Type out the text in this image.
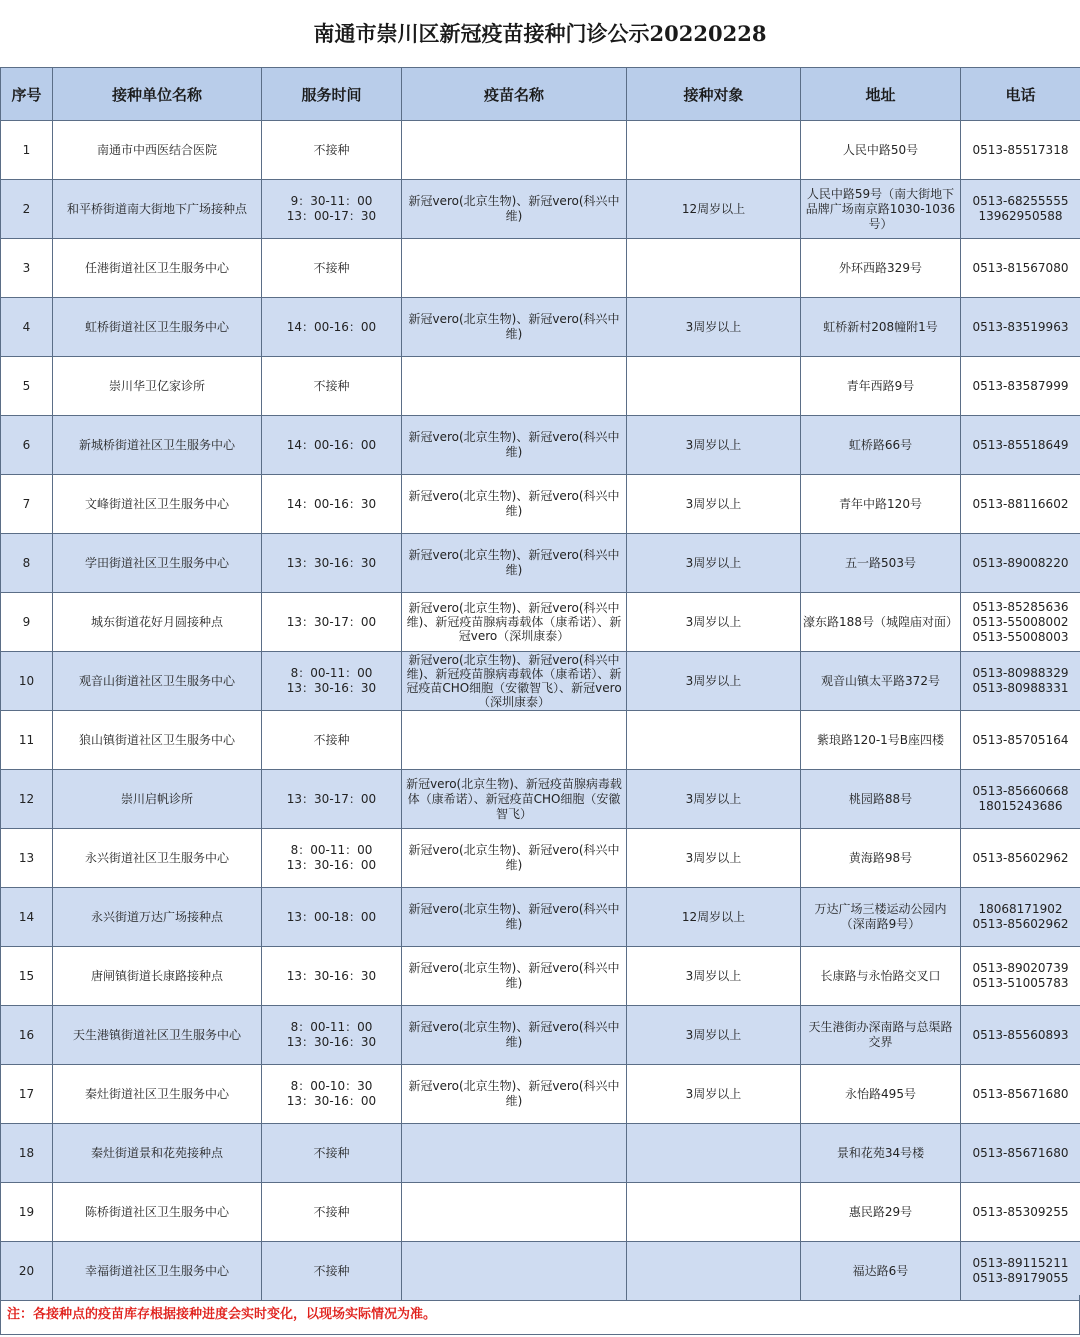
南通市崇川区新冠疫苗接种门诊公示20220228
序号	接种单位名称	服务时间	疫苗名称	接种对象	地址	电话

1	南通市中西医结合医院	不接种			人民中路50号	0513-85517318

2	和平桥街道南大街地下广场接种点	9：30-11：00
13：00-17：30	新冠vero(北京生物)、新冠vero(科兴中维)	12周岁以上	人民中路59号（南大街地下品牌广场南京路1030-1036号）	0513-68255555
13962950588

3	任港街道社区卫生服务中心	不接种			外环西路329号	0513-81567080

4	虹桥街道社区卫生服务中心	14：00-16：00	新冠vero(北京生物)、新冠vero(科兴中维)	3周岁以上	虹桥新村208幢附1号	0513-83519963

5	崇川华卫亿家诊所	不接种			青年西路9号	0513-83587999

6	新城桥街道社区卫生服务中心	14：00-16：00	新冠vero(北京生物)、新冠vero(科兴中维)	3周岁以上	虹桥路66号	0513-85518649

7	文峰街道社区卫生服务中心	14：00-16：30	新冠vero(北京生物)、新冠vero(科兴中维)	3周岁以上	青年中路120号	0513-88116602

8	学田街道社区卫生服务中心	13：30-16：30	新冠vero(北京生物)、新冠vero(科兴中维)	3周岁以上	五一路503号	0513-89008220

9	城东街道花好月圆接种点	13：30-17：00	新冠vero(北京生物)、新冠vero(科兴中维)、新冠疫苗腺病毒载体（康希诺）、新冠vero（深圳康泰）	3周岁以上	濠东路188号（城隍庙对面）	0513-85285636
0513-55008002
0513-55008003

10	观音山街道社区卫生服务中心	8：00-11：00
13：30-16：30	新冠vero(北京生物)、新冠vero(科兴中维)、新冠疫苗腺病毒载体（康希诺）、新冠疫苗CHO细胞（安徽智飞）、新冠vero（深圳康泰）	3周岁以上	观音山镇太平路372号	0513-80988329
0513-80988331

11	狼山镇街道社区卫生服务中心	不接种			紫琅路120-1号B座四楼	0513-85705164

12	崇川启帆诊所	13：30-17：00	新冠vero(北京生物)、新冠疫苗腺病毒载体（康希诺）、新冠疫苗CHO细胞（安徽智飞）	3周岁以上	桃园路88号	0513-85660668
18015243686

13	永兴街道社区卫生服务中心	8：00-11：00
13：30-16：00	新冠vero(北京生物)、新冠vero(科兴中维)	3周岁以上	黄海路98号	0513-85602962

14	永兴街道万达广场接种点	13：00-18：00	新冠vero(北京生物)、新冠vero(科兴中维)	12周岁以上	万达广场三楼运动公园内（深南路9号）	18068171902
0513-85602962

15	唐闸镇街道长康路接种点	13：30-16：30	新冠vero(北京生物)、新冠vero(科兴中维)	3周岁以上	长康路与永怡路交叉口	0513-89020739
0513-51005783

16	天生港镇街道社区卫生服务中心	8：00-11：00
13：30-16：30	新冠vero(北京生物)、新冠vero(科兴中维)	3周岁以上	天生港街办深南路与总渠路交界	0513-85560893

17	秦灶街道社区卫生服务中心	8：00-10：30
13：30-16：00	新冠vero(北京生物)、新冠vero(科兴中维)	3周岁以上	永怡路495号	0513-85671680

18	秦灶街道景和花苑接种点	不接种			景和花苑34号楼	0513-85671680

19	陈桥街道社区卫生服务中心	不接种			惠民路29号	0513-85309255

20	幸福街道社区卫生服务中心	不接种			福达路6号	0513-89115211
0513-89179055
注：各接种点的疫苗库存根据接种进度会实时变化，以现场实际情况为准。
